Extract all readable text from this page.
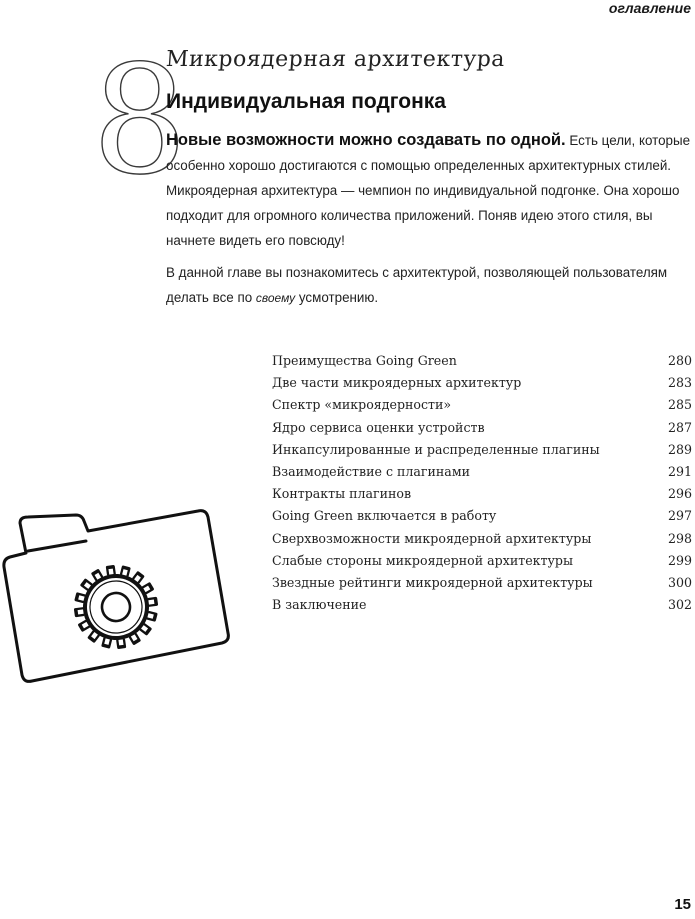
оглавление
8
Микроядерная архитектура
Индивидуальная подгонка
Новые возможности можно создавать по одной. Есть цели, которые особенно хорошо достигаются с помощью определенных архитектурных стилей. Микроядерная архитектура — чемпион по индивидуальной подгонке. Она хорошо подходит для огромного количества приложений. Поняв идею этого стиля, вы начнете видеть его повсюду!
В данной главе вы познакомитесь с архитектурой, позволяющей пользователям делать все по своему усмотрению.
Преимущества Going Green	280
Две части микроядерных архитектур	283
Спектр «микроядерности»	285
Ядро сервиса оценки устройств	287
Инкапсулированные и распределенные плагины	289
Взаимодействие с плагинами	291
Контракты плагинов	296
Going Green включается в работу	297
Сверхвозможности микроядерной архитектуры	298
Слабые стороны микроядерной архитектуры	299
Звездные рейтинги микроядерной архитектуры	300
В заключение	302
15
